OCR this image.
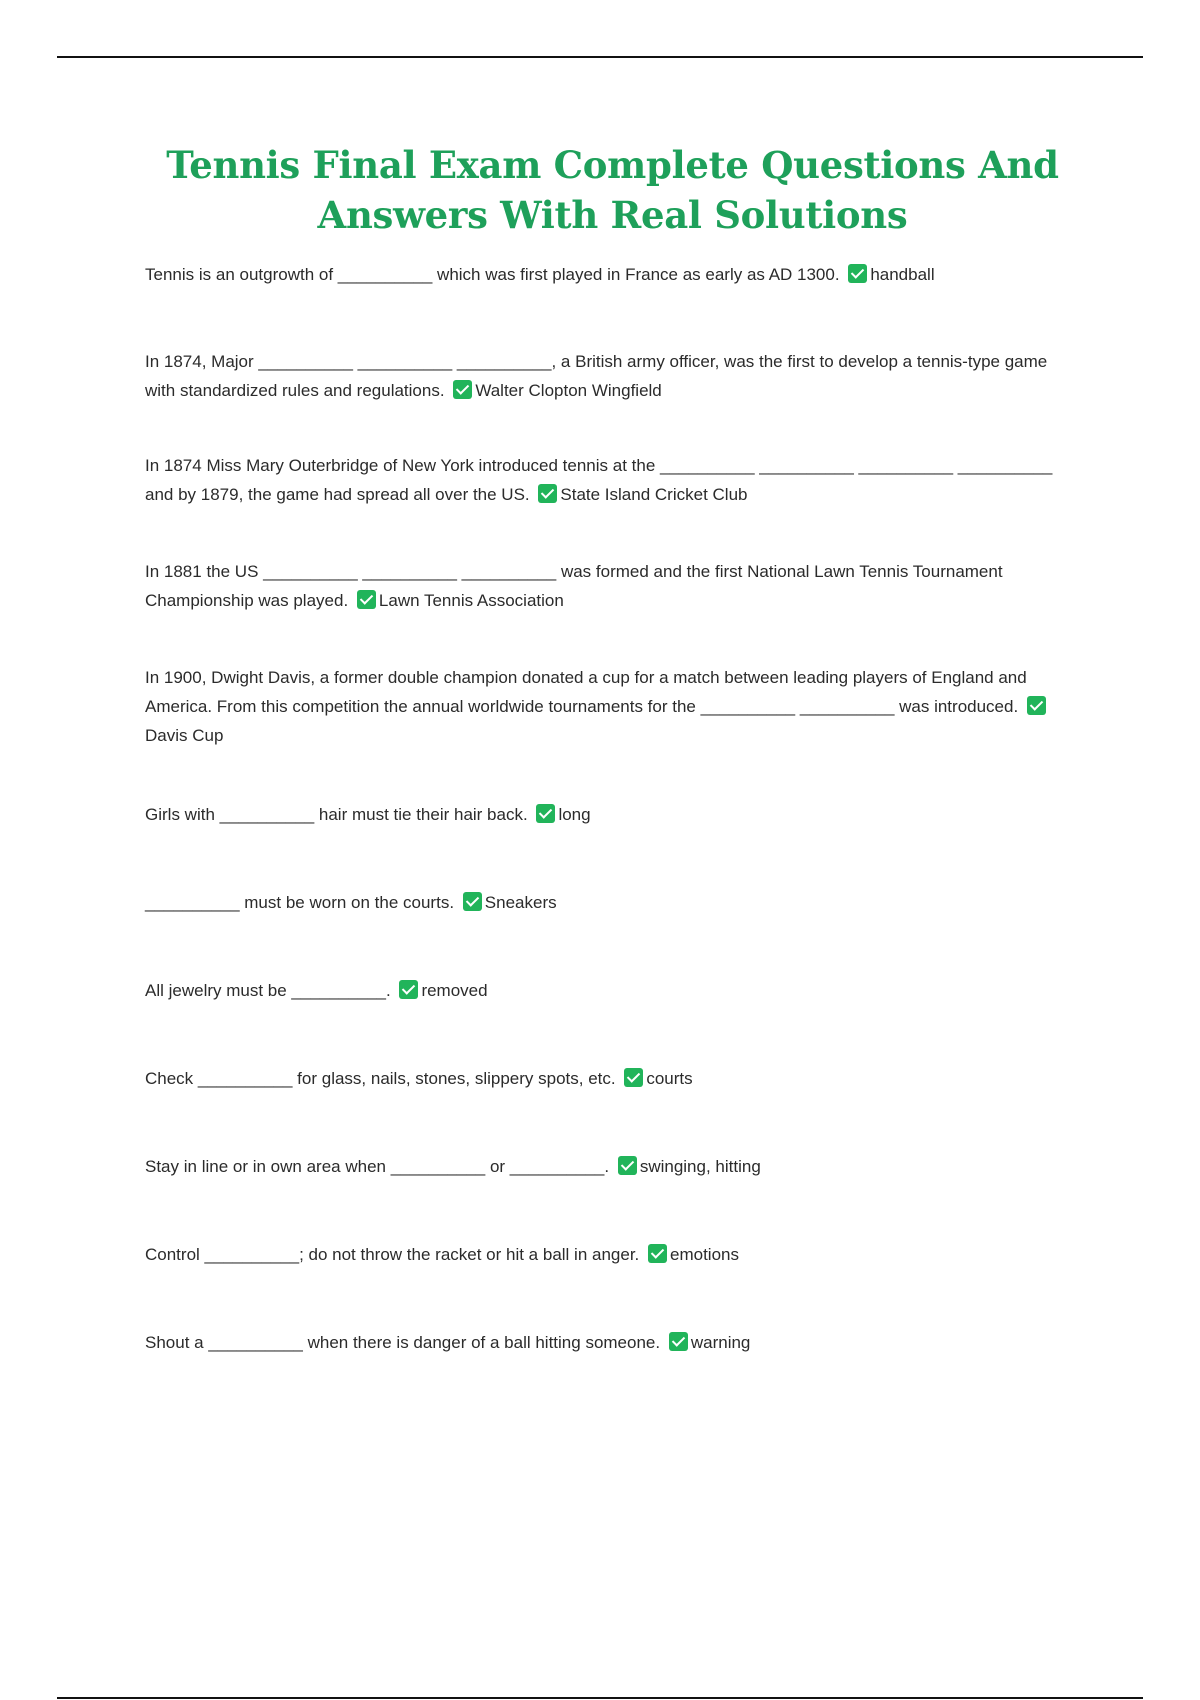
Tennis Final Exam Complete Questions And Answers With Real Solutions

Tennis is an outgrowth of __________ which was first played in France as early as AD 1300. handball

In 1874, Major __________ __________ __________, a British army officer, was the first to develop a tennis-type game with standardized rules and regulations. Walter Clopton Wingfield

In 1874 Miss Mary Outerbridge of New York introduced tennis at the __________ __________ __________ __________ and by 1879, the game had spread all over the US. State Island Cricket Club

In 1881 the US __________ __________ __________ was formed and the first National Lawn Tennis Tournament Championship was played. Lawn Tennis Association

In 1900, Dwight Davis, a former double champion donated a cup for a match between leading players of England and America. From this competition the annual worldwide tournaments for the __________ __________ was introduced. Davis Cup

Girls with __________ hair must tie their hair back. long

__________ must be worn on the courts. Sneakers

All jewelry must be __________. removed

Check __________ for glass, nails, stones, slippery spots, etc. courts

Stay in line or in own area when __________ or __________. swinging, hitting

Control __________; do not throw the racket or hit a ball in anger. emotions

Shout a __________ when there is danger of a ball hitting someone. warning
